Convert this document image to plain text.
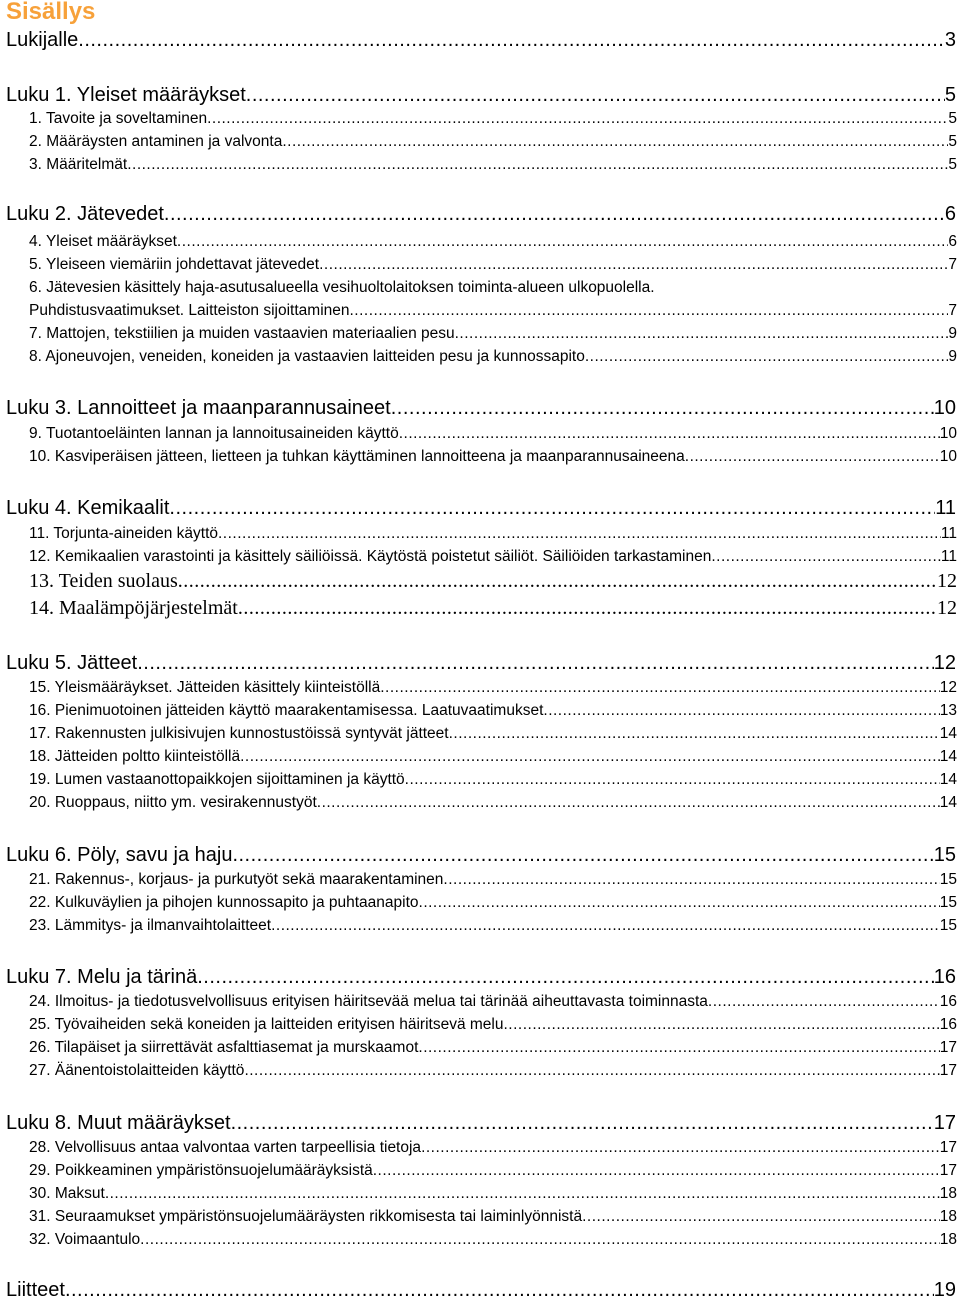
Sisällys
Lukijalle .....	3
Luku 1. Yleiset määräykset .....	5
1. Tavoite ja soveltaminen .....	5
2. Määräysten antaminen ja valvonta .....	5
3. Määritelmät .....	5
Luku 2. Jätevedet .....	6
4. Yleiset määräykset .....	6
5. Yleiseen viemäriin johdettavat jätevedet .....	7
6. Jätevesien käsittely haja-asutusalueella vesihuoltolaitoksen toiminta-alueen ulkopuolella.
Puhdistusvaatimukset. Laitteiston sijoittaminen .....	7
7. Mattojen, tekstiilien ja muiden vastaavien materiaalien pesu .....	9
8. Ajoneuvojen, veneiden, koneiden ja vastaavien laitteiden pesu ja kunnossapito .....	9
Luku 3. Lannoitteet ja maanparannusaineet .....	10
9. Tuotantoeläinten lannan ja lannoitusaineiden käyttö .....	10
10. Kasviperäisen jätteen, lietteen ja tuhkan käyttäminen lannoitteena ja maanparannusaineena .....	10
Luku 4. Kemikaalit .....	11
11. Torjunta-aineiden käyttö .....	11
12. Kemikaalien varastointi ja käsittely säiliöissä. Käytöstä poistetut säiliöt. Säiliöiden tarkastaminen .....	11
13. Teiden suolaus .....	12
14. Maalämpöjärjestelmät .....	12
Luku 5. Jätteet .....	12
15. Yleismääräykset. Jätteiden käsittely kiinteistöllä .....	12
16. Pienimuotoinen jätteiden käyttö maarakentamisessa. Laatuvaatimukset .....	13
17. Rakennusten julkisivujen kunnostustöissä syntyvät jätteet .....	14
18. Jätteiden poltto kiinteistöllä .....	14
19. Lumen vastaanottopaikkojen sijoittaminen ja käyttö .....	14
20. Ruoppaus, niitto ym. vesirakennustyöt .....	14
Luku 6. Pöly, savu ja haju .....	15
21. Rakennus-, korjaus- ja purkutyöt sekä maarakentaminen .....	15
22. Kulkuväylien ja pihojen kunnossapito ja puhtaanapito .....	15
23. Lämmitys- ja ilmanvaihtolaitteet .....	15
Luku 7. Melu ja tärinä .....	16
24. Ilmoitus- ja tiedotusvelvollisuus erityisen häiritsevää melua tai tärinää aiheuttavasta toiminnasta .....	16
25. Työvaiheiden sekä koneiden ja laitteiden erityisen häiritsevä melu .....	16
26. Tilapäiset ja siirrettävät asfalttiasemat ja murskaamot .....	17
27. Äänentoistolaitteiden käyttö .....	17
Luku 8. Muut määräykset .....	17
28. Velvollisuus antaa valvontaa varten tarpeellisia tietoja .....	17
29. Poikkeaminen ympäristönsuojelumääräyksistä .....	17
30. Maksut .....	18
31. Seuraamukset ympäristönsuojelumääräysten rikkomisesta tai laiminlyönnistä .....	18
32. Voimaantulo .....	18
Liitteet .....	19
